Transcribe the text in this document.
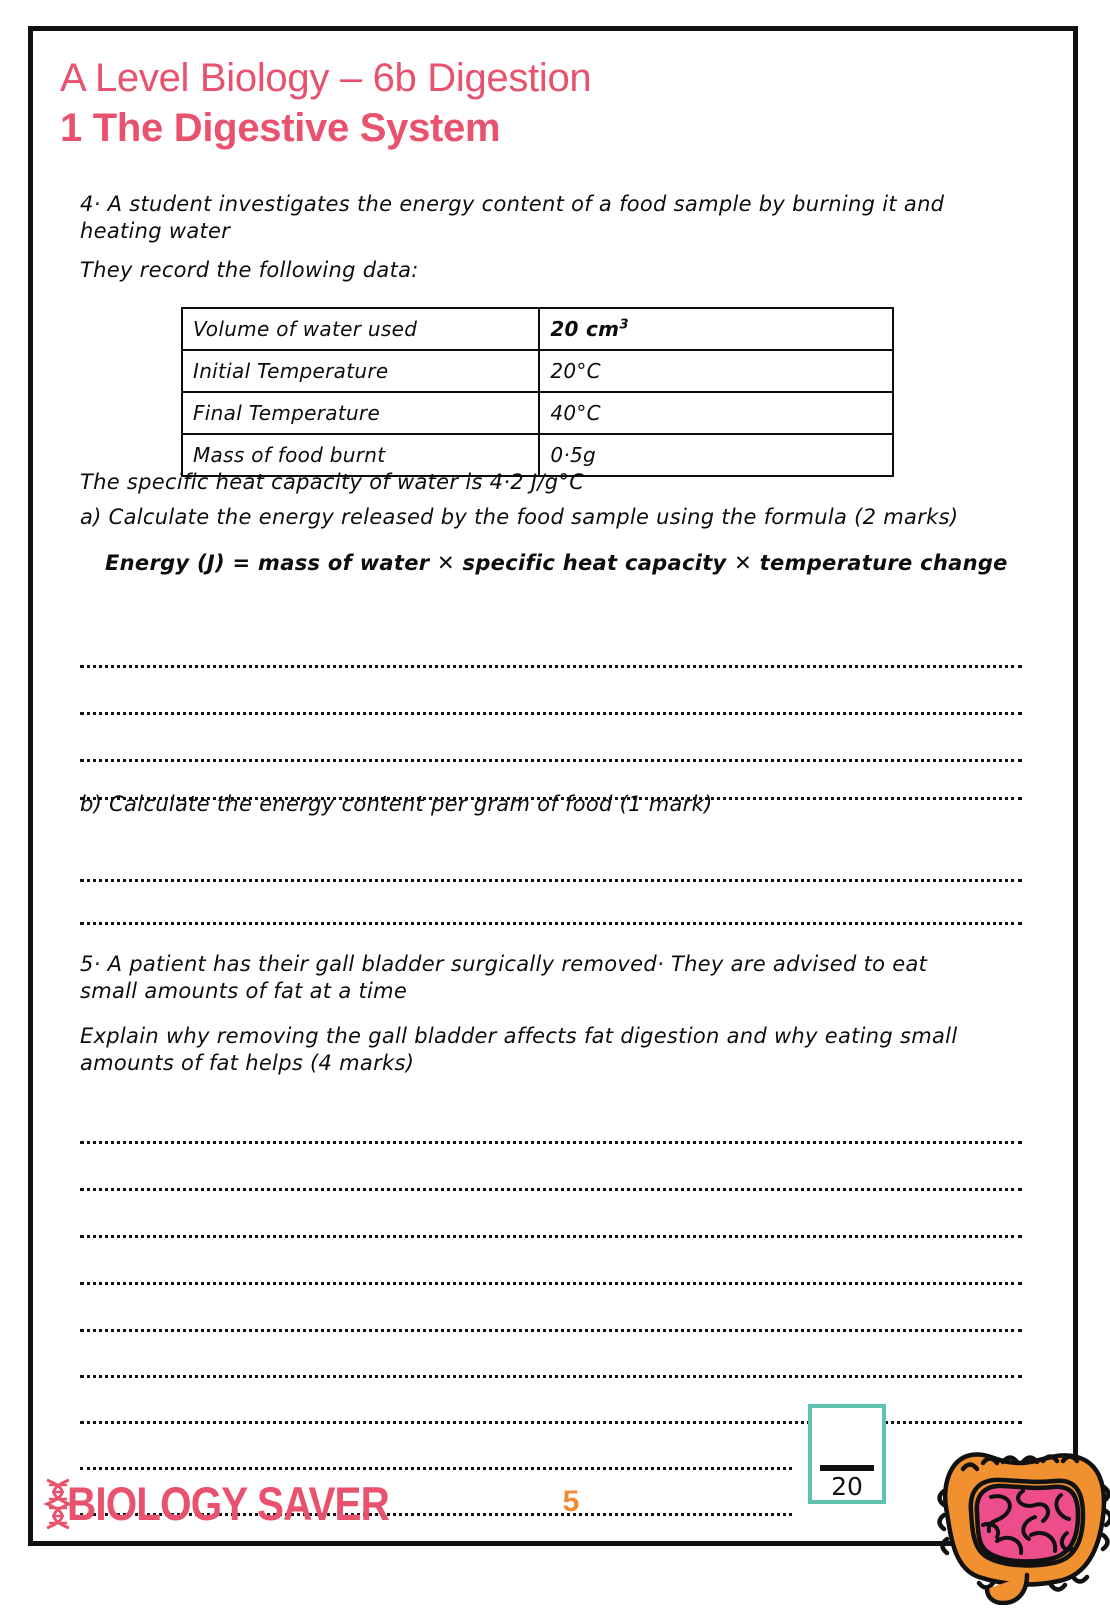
A Level Biology – 6b Digestion
1 The Digestive System
4· A student investigates the energy content of a food sample by burning it and
heating water
They record the following data:
Volume of water used	20 $cm^3$
Initial Temperature	20°C
Final Temperature	40°C
Mass of food burnt	0·5g
The specific heat capacity of water is 4·2 J/g°C
a) Calculate the energy released by the food sample using the formula (2 marks)
Energy (J) = mass of water ✕ specific heat capacity ✕ temperature change
b) Calculate the energy content per gram of food (1 mark)
5· A patient has their gall bladder surgically removed· They are advised to eat
small amounts of fat at a time
Explain why removing the gall bladder affects fat digestion and why eating small
amounts of fat helps (4 marks)
BIOLOGY SAVER	5	20
